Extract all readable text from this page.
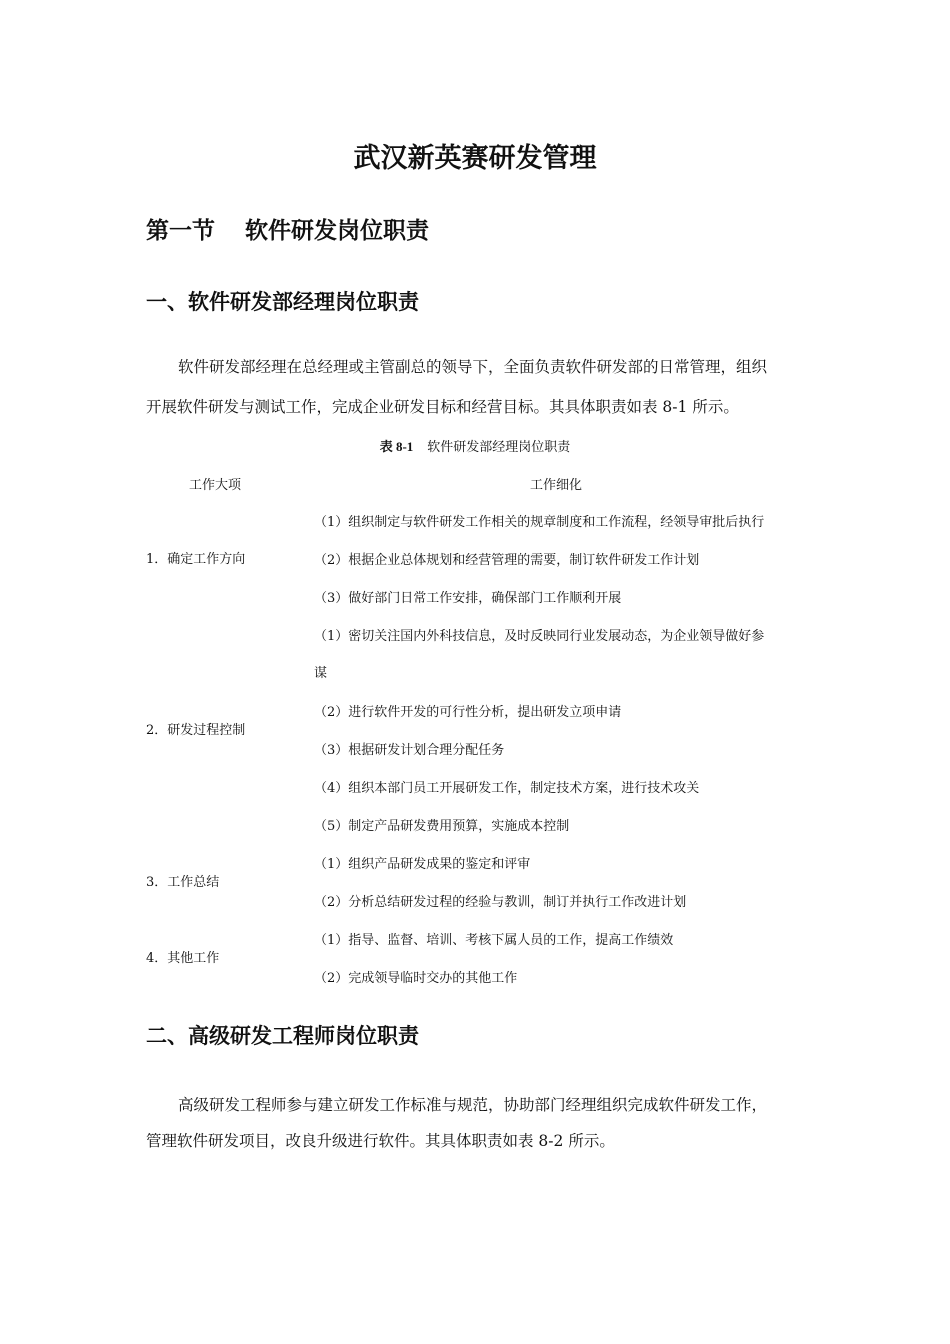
武汉新英赛研发管理
第一节 软件研发岗位职责
一、软件研发部经理岗位职责

软件研发部经理在总经理或主管副总的领导下，全面负责软件研发部的日常管理，组织

开展软件研发与测试工作，完成企业研发目标和经营目标。其具体职责如表 8-1 所示。

表 8-1 软件研发部经理岗位职责
工作大项	工作细化
1．确定工作方向
2．研发过程控制
3．工作总结
4．其他工作
（1）组织制定与软件研发工作相关的规章制度和工作流程，经领导审批后执行
（2）根据企业总体规划和经营管理的需要，制订软件研发工作计划
（3）做好部门日常工作安排，确保部门工作顺利开展
（1）密切关注国内外科技信息，及时反映同行业发展动态，为企业领导做好参
谋
（2）进行软件开发的可行性分析，提出研发立项申请
（3）根据研发计划合理分配任务
（4）组织本部门员工开展研发工作，制定技术方案，进行技术攻关
（5）制定产品研发费用预算，实施成本控制
（1）组织产品研发成果的鉴定和评审
（2）分析总结研发过程的经验与教训，制订并执行工作改进计划
（1）指导、监督、培训、考核下属人员的工作，提高工作绩效
（2）完成领导临时交办的其他工作
二、高级研发工程师岗位职责

高级研发工程师参与建立研发工作标准与规范，协助部门经理组织完成软件研发工作，

管理软件研发项目，改良升级进行软件。其具体职责如表 8-2 所示。
